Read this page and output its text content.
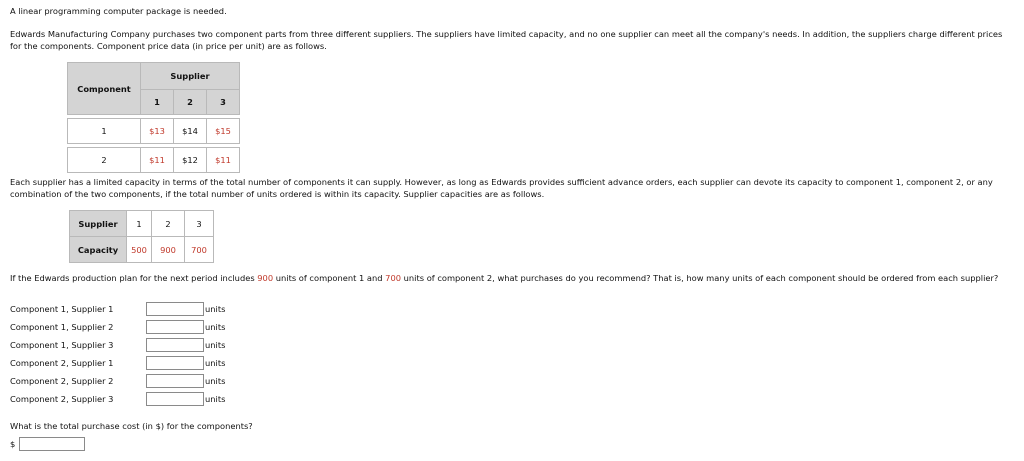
A linear programming computer package is needed.
Edwards Manufacturing Company purchases two component parts from three different suppliers. The suppliers have limited capacity, and no one supplier can meet all the company's needs. In addition, the suppliers charge different prices for the components. Component price data (in price per unit) are as follows.
Component	Supplier		
	1	2	3

1	$13	$14	$15

2	$11	$12	$11
Each supplier has a limited capacity in terms of the total number of components it can supply. However, as long as Edwards provides sufficient advance orders, each supplier can devote its capacity to component 1, component 2, or any combination of the two components, if the total number of units ordered is within its capacity. Supplier capacities are as follows.
Supplier	1	2	3
Capacity	500	900	700
If the Edwards production plan for the next period includes 900 units of component 1 and 700 units of component 2, what purchases do you recommend? That is, how many units of each component should be ordered from each supplier?
Component 1, Supplier 1	units
Component 1, Supplier 2	units
Component 1, Supplier 3	units
Component 2, Supplier 1	units
Component 2, Supplier 2	units
Component 2, Supplier 3	units
What is the total purchase cost (in $) for the components?
$
